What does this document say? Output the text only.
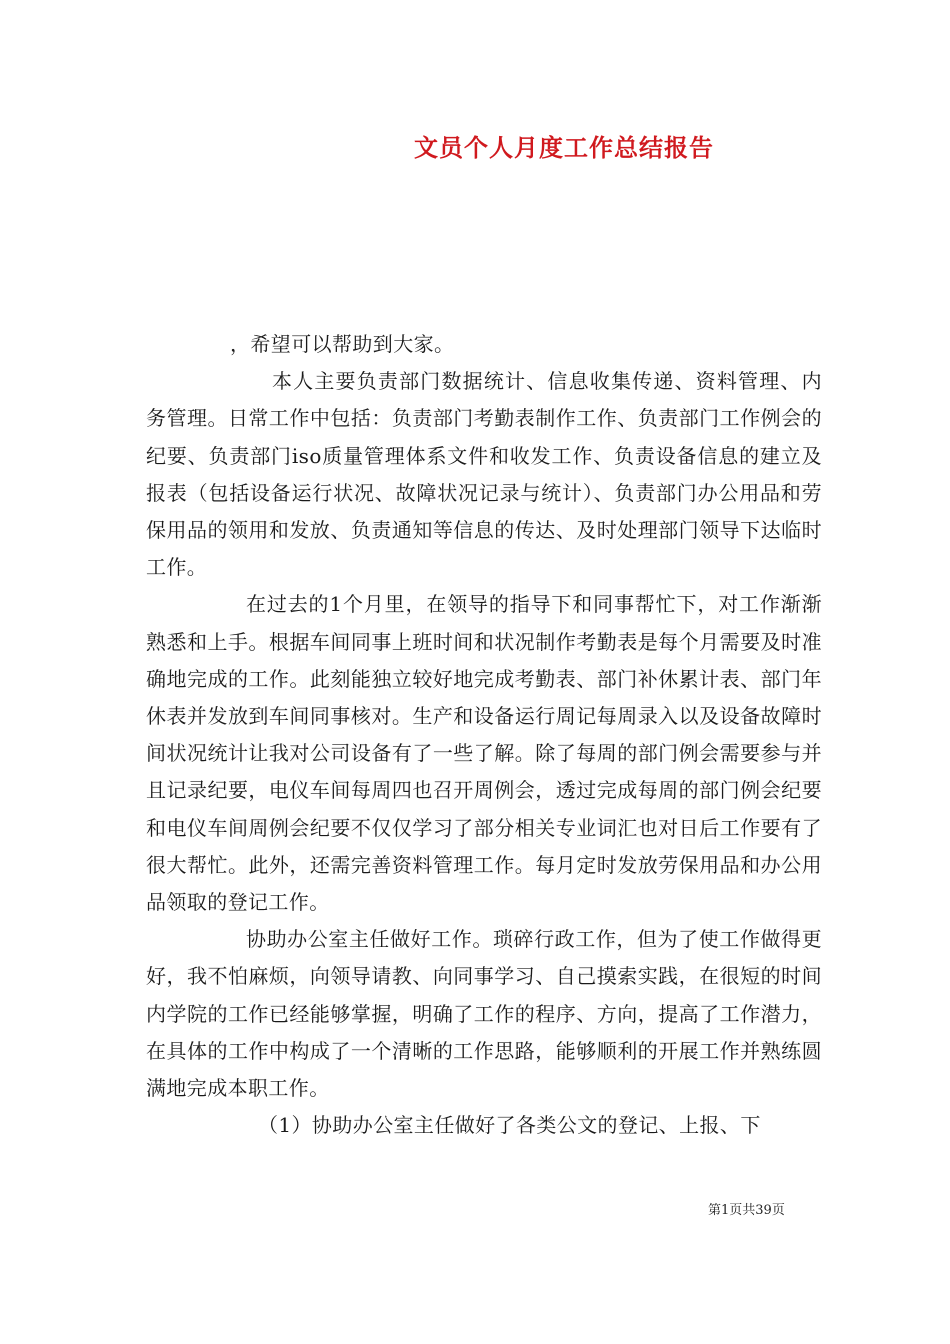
文员个人月度工作总结报告

，希望可以帮助到大家。

本人主要负责部门数据统计、信息收集传递、资料管理、内务管理。日常工作中包括：负责部门考勤表制作工作、负责部门工作例会的纪要、负责部门iso质量管理体系文件和收发工作、负责设备信息的建立及报表（包括设备运行状况、故障状况记录与统计）、负责部门办公用品和劳保用品的领用和发放、负责通知等信息的传达、及时处理部门领导下达临时工作。

在过去的1个月里，在领导的指导下和同事帮忙下，对工作渐渐熟悉和上手。根据车间同事上班时间和状况制作考勤表是每个月需要及时准确地完成的工作。此刻能独立较好地完成考勤表、部门补休累计表、部门年休表并发放到车间同事核对。生产和设备运行周记每周录入以及设备故障时间状况统计让我对公司设备有了一些了解。除了每周的部门例会需要参与并且记录纪要，电仪车间每周四也召开周例会，透过完成每周的部门例会纪要和电仪车间周例会纪要不仅仅学习了部分相关专业词汇也对日后工作要有了很大帮忙。此外，还需完善资料管理工作。每月定时发放劳保用品和办公用品领取的登记工作。

协助办公室主任做好工作。琐碎行政工作，但为了使工作做得更好，我不怕麻烦，向领导请教、向同事学习、自己摸索实践，在很短的时间内学院的工作已经能够掌握，明确了工作的程序、方向，提高了工作潜力，在具体的工作中构成了一个清晰的工作思路，能够顺利的开展工作并熟练圆满地完成本职工作。

（1）协助办公室主任做好了各类公文的登记、上报、下

第1页共39页
